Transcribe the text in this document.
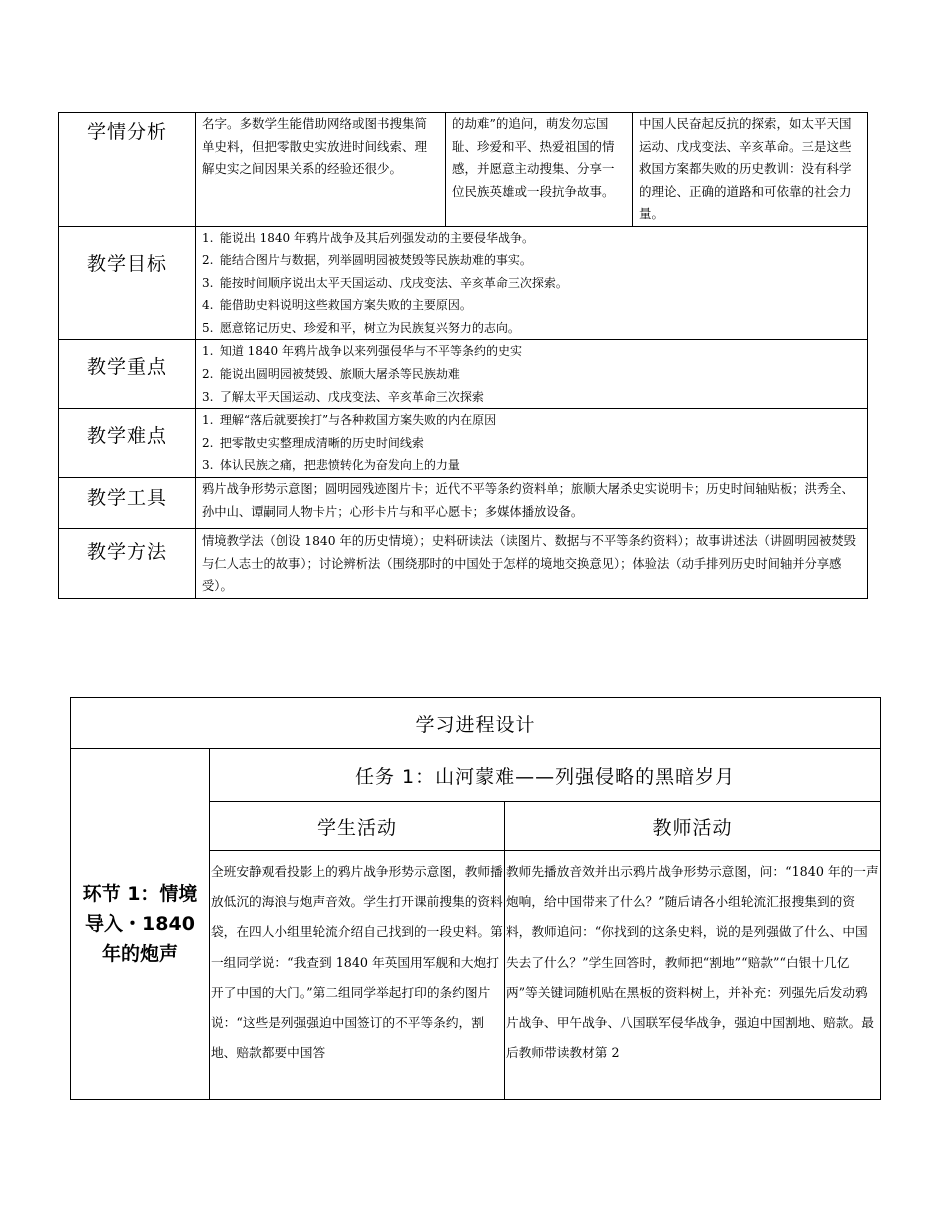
学情分析	名字。多数学生能借助网络或图书搜集简单史料，但把零散史实放进时间线索、理解史实之间因果关系的经验还很少。	的劫难”的追问，萌发勿忘国耻、珍爱和平、热爱祖国的情感，并愿意主动搜集、分享一位民族英雄或一段抗争故事。	中国人民奋起反抗的探索，如太平天国运动、戊戌变法、辛亥革命。三是这些救国方案都失败的历史教训：没有科学的理论、正确的道路和可依靠的社会力量。
教学目标	1. 能说出 1840 年鸦片战争及其后列强发动的主要侵华战争。
2. 能结合图片与数据，列举圆明园被焚毁等民族劫难的事实。
3. 能按时间顺序说出太平天国运动、戊戌变法、辛亥革命三次探索。
4. 能借助史料说明这些救国方案失败的主要原因。
5. 愿意铭记历史、珍爱和平，树立为民族复兴努力的志向。		

教学重点	1. 知道 1840 年鸦片战争以来列强侵华与不平等条约的史实
2. 能说出圆明园被焚毁、旅顺大屠杀等民族劫难
3. 了解太平天国运动、戊戌变法、辛亥革命三次探索		

教学难点	1. 理解“落后就要挨打”与各种救国方案失败的内在原因
2. 把零散史实整理成清晰的历史时间线索
3. 体认民族之痛，把悲愤转化为奋发向上的力量		

教学工具	鸦片战争形势示意图；圆明园残迹图片卡；近代不平等条约资料单；旅顺大屠杀史实说明卡；历史时间轴贴板；洪秀全、孙中山、谭嗣同人物卡片；心形卡片与和平心愿卡；多媒体播放设备。		
教学方法	情境教学法（创设 1840 年的历史情境）；史料研读法（读图片、数据与不平等条约资料）；故事讲述法（讲圆明园被焚毁与仁人志士的故事）；讨论辨析法（围绕那时的中国处于怎样的境地交换意见）；体验法（动手排列历史时间轴并分享感受）。		
学习进程设计		
环节 1：情境导入・1840 年的炮声	任务 1：山河蒙难——列强侵略的黑暗岁月	
	学生活动	教师活动

	全班安静观看投影上的鸦片战争形势示意图，教师播放低沉的海浪与炮声音效。学生打开课前搜集的资料袋，在四人小组里轮流介绍自己找到的一段史料。第一组同学说：“我查到 1840 年英国用军舰和大炮打开了中国的大门。”第二组同学举起打印的条约图片说：“这些是列强强迫中国签订的不平等条约，割地、赔款都要中国答	教师先播放音效并出示鸦片战争形势示意图，问：“1840 年的一声炮响，给中国带来了什么？”随后请各小组轮流汇报搜集到的资料，教师追问：“你找到的这条史料，说的是列强做了什么、中国失去了什么？”学生回答时，教师把“割地”“赔款”“白银十几亿两”等关键词随机贴在黑板的资料树上，并补充：列强先后发动鸦片战争、甲午战争、八国联军侵华战争，强迫中国割地、赔款。最后教师带读教材第 2
